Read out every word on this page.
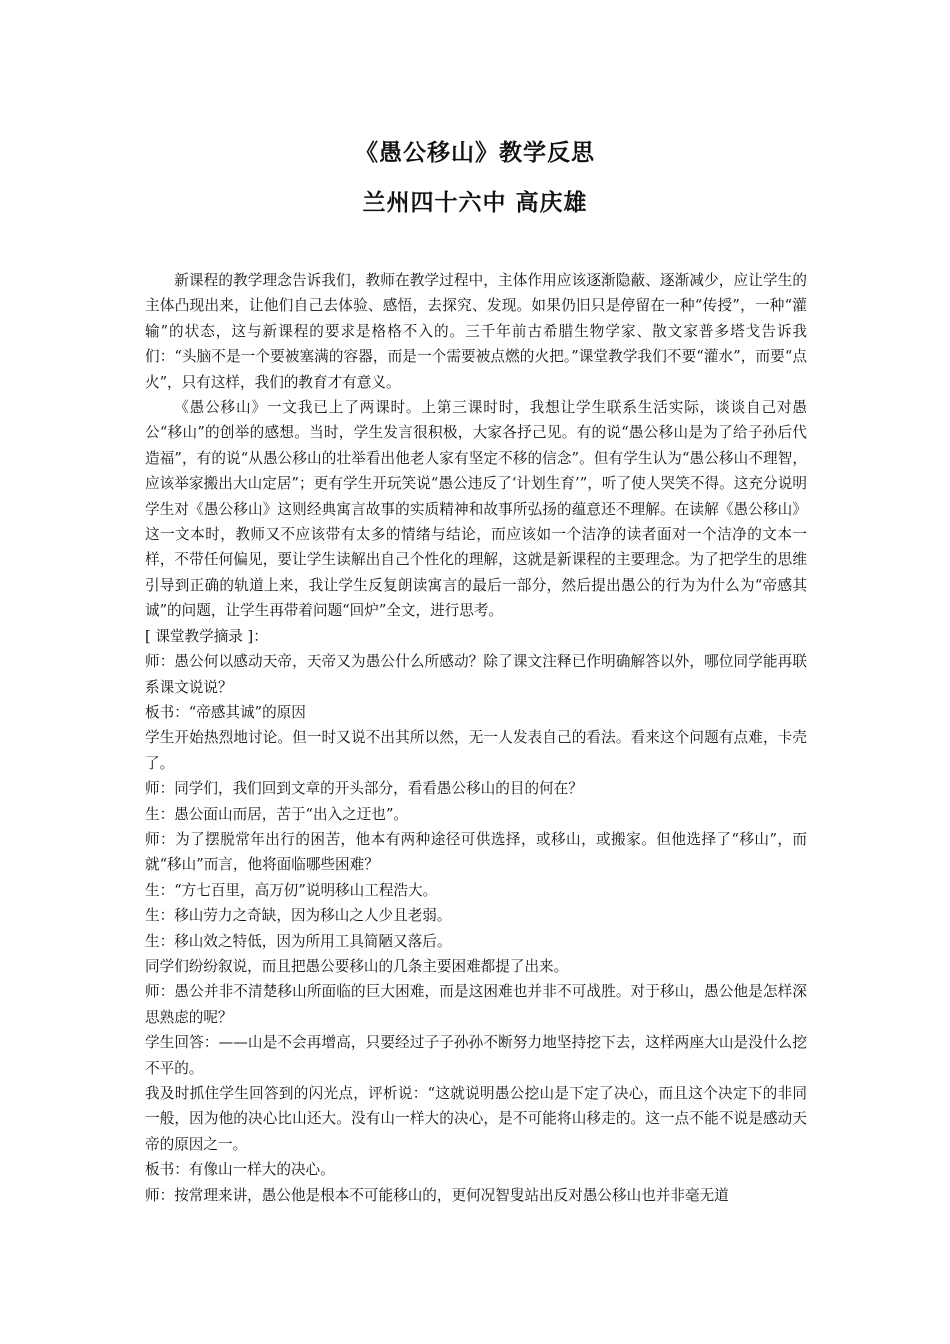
《愚公移山》教学反思
兰州四十六中 高庆雄

新课程的教学理念告诉我们，教师在教学过程中，主体作用应该逐渐隐蔽、逐渐减少，应让学生的主体凸现出来，让他们自己去体验、感悟，去探究、发现。如果仍旧只是停留在一种“传授”，一种“灌输”的状态，这与新课程的要求是格格不入的。三千年前古希腊生物学家、散文家普多塔戈告诉我们：“头脑不是一个要被塞满的容器，而是一个需要被点燃的火把。”课堂教学我们不要“灌水”，而要“点火”，只有这样，我们的教育才有意义。

《愚公移山》一文我已上了两课时。上第三课时时，我想让学生联系生活实际，谈谈自己对愚公“移山”的创举的感想。当时，学生发言很积极，大家各抒己见。有的说“愚公移山是为了给子孙后代造福”，有的说“从愚公移山的壮举看出他老人家有坚定不移的信念”。但有学生认为“愚公移山不理智，应该举家搬出大山定居”；更有学生开玩笑说“愚公违反了‘计划生育’”，听了使人哭笑不得。这充分说明学生对《愚公移山》这则经典寓言故事的实质精神和故事所弘扬的蕴意还不理解。在读解《愚公移山》这一文本时，教师又不应该带有太多的情绪与结论，而应该如一个洁净的读者面对一个洁净的文本一样，不带任何偏见，要让学生读解出自己个性化的理解，这就是新课程的主要理念。为了把学生的思维引导到正确的轨道上来，我让学生反复朗读寓言的最后一部分，然后提出愚公的行为为什么为“帝感其诚”的问题，让学生再带着问题“回炉”全文，进行思考。

[ 课堂教学摘录 ]：

师：愚公何以感动天帝，天帝又为愚公什么所感动？除了课文注释已作明确解答以外，哪位同学能再联系课文说说？

板书：“帝感其诚”的原因

学生开始热烈地讨论。但一时又说不出其所以然，无一人发表自己的看法。看来这个问题有点难，卡壳了。

师：同学们，我们回到文章的开头部分，看看愚公移山的目的何在？

生：愚公面山而居，苦于“出入之迂也”。

师：为了摆脱常年出行的困苦，他本有两种途径可供选择，或移山，或搬家。但他选择了“移山”，而就“移山”而言，他将面临哪些困难？

生：“方七百里，高万仞”说明移山工程浩大。

生：移山劳力之奇缺，因为移山之人少且老弱。

生：移山效之特低，因为所用工具简陋又落后。

同学们纷纷叙说，而且把愚公要移山的几条主要困难都提了出来。

师：愚公并非不清楚移山所面临的巨大困难，而是这困难也并非不可战胜。对于移山，愚公他是怎样深思熟虑的呢？

学生回答：——山是不会再增高，只要经过子子孙孙不断努力地坚持挖下去，这样两座大山是没什么挖不平的。

我及时抓住学生回答到的闪光点，评析说：“这就说明愚公挖山是下定了决心，而且这个决定下的非同一般，因为他的决心比山还大。没有山一样大的决心，是不可能将山移走的。这一点不能不说是感动天帝的原因之一。

板书：有像山一样大的决心。

师：按常理来讲，愚公他是根本不可能移山的，更何况智叟站出反对愚公移山也并非毫无道
